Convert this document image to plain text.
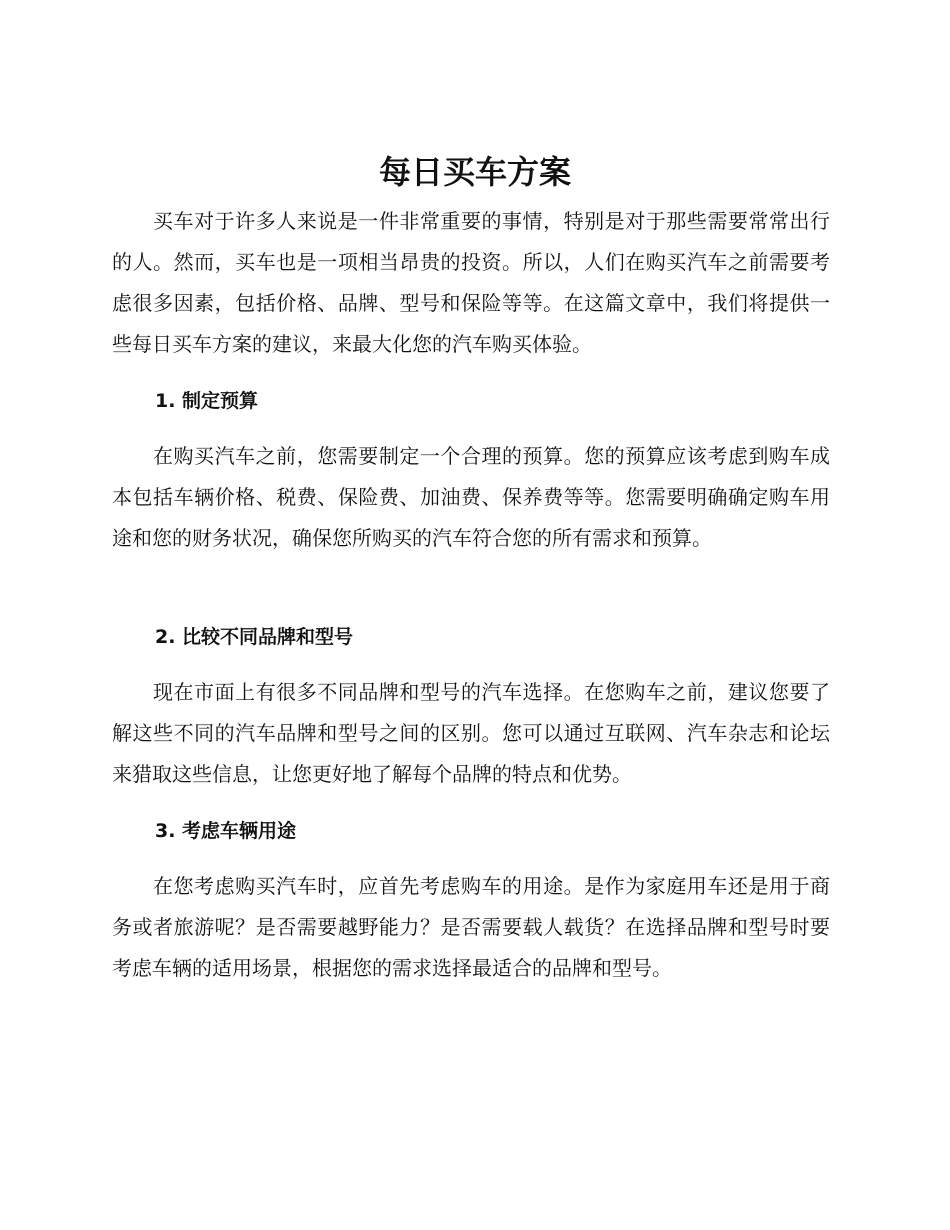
每日买车方案

买车对于许多人来说是一件非常重要的事情，特别是对于那些需要常常出行的人。然而，买车也是一项相当昂贵的投资。所以，人们在购买汽车之前需要考虑很多因素，包括价格、品牌、型号和保险等等。在这篇文章中，我们将提供一些每日买车方案的建议，来最大化您的汽车购买体验。

1. 制定预算

在购买汽车之前，您需要制定一个合理的预算。您的预算应该考虑到购车成本包括车辆价格、税费、保险费、加油费、保养费等等。您需要明确确定购车用途和您的财务状况，确保您所购买的汽车符合您的所有需求和预算。

2. 比较不同品牌和型号

现在市面上有很多不同品牌和型号的汽车选择。在您购车之前，建议您要了解这些不同的汽车品牌和型号之间的区别。您可以通过互联网、汽车杂志和论坛来猎取这些信息，让您更好地了解每个品牌的特点和优势。

3. 考虑车辆用途

在您考虑购买汽车时，应首先考虑购车的用途。是作为家庭用车还是用于商务或者旅游呢？是否需要越野能力？是否需要载人载货？在选择品牌和型号时要考虑车辆的适用场景，根据您的需求选择最适合的品牌和型号。
